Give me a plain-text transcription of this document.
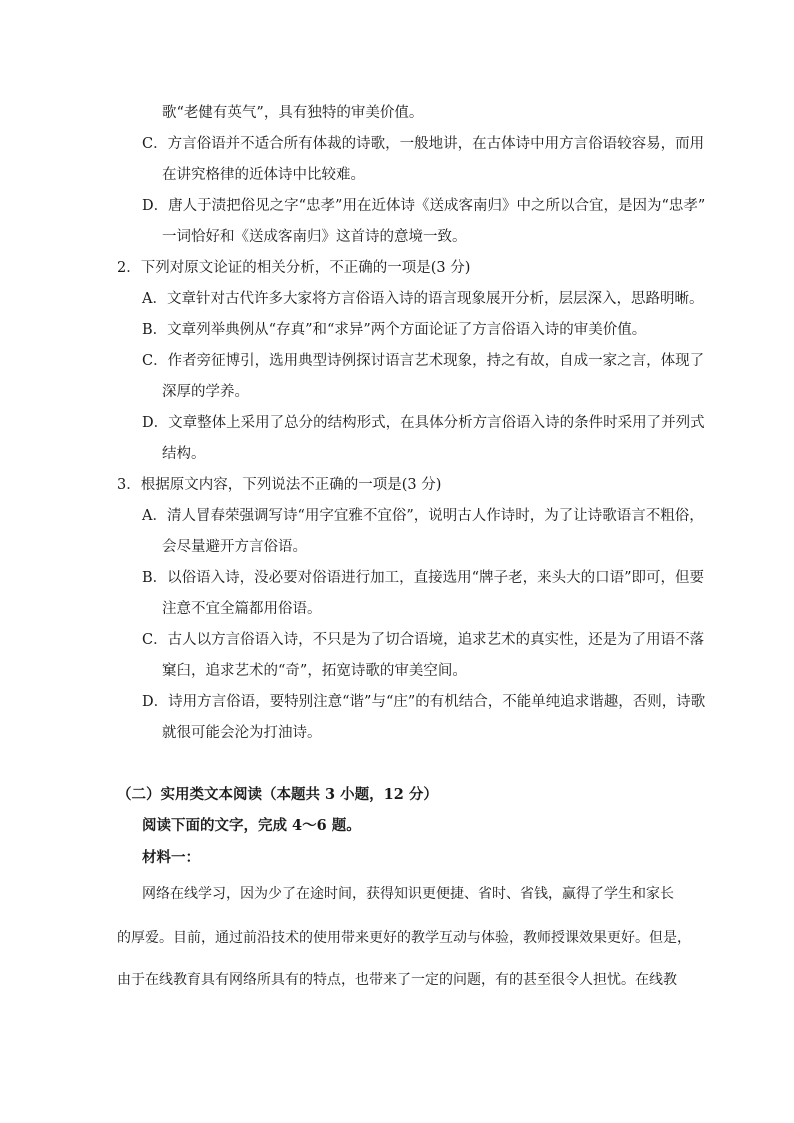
歌“老健有英气”，具有独特的审美价值。
C．方言俗语并不适合所有体裁的诗歌，一般地讲，在古体诗中用方言俗语较容易，而用
在讲究格律的近体诗中比较难。
D．唐人于渍把俗见之字“忠孝”用在近体诗《送成客南归》中之所以合宜，是因为“忠孝”
一词恰好和《送成客南归》这首诗的意境一致。
2．下列对原文论证的相关分析，不正确的一项是(3 分)
A．文章针对古代许多大家将方言俗语入诗的语言现象展开分析，层层深入，思路明晰。
B．文章列举典例从“存真”和“求异”两个方面论证了方言俗语入诗的审美价值。
C．作者旁征博引，选用典型诗例探讨语言艺术现象，持之有故，自成一家之言，体现了
深厚的学养。
D．文章整体上采用了总分的结构形式，在具体分析方言俗语入诗的条件时采用了并列式
结构。
3．根据原文内容，下列说法不正确的一项是(3 分)
A．清人冒春荣强调写诗“用字宜雅不宜俗”，说明古人作诗时，为了让诗歌语言不粗俗，
会尽量避开方言俗语。
B．以俗语入诗，没必要对俗语进行加工，直接选用“牌子老，来头大的口语”即可，但要
注意不宜全篇都用俗语。
C．古人以方言俗语入诗，不只是为了切合语境，追求艺术的真实性，还是为了用语不落
窠臼，追求艺术的“奇”，拓宽诗歌的审美空间。
D．诗用方言俗语，要特别注意“谐”与“庄”的有机结合，不能单纯追求谐趣，否则，诗歌
就很可能会沦为打油诗。
（二）实用类文本阅读（本题共 3 小题，12 分）
阅读下面的文字，完成 4～6 题。
材料一：
网络在线学习，因为少了在途时间，获得知识更便捷、省时、省钱，赢得了学生和家长
的厚爱。目前，通过前沿技术的使用带来更好的教学互动与体验，教师授课效果更好。但是，
由于在线教育具有网络所具有的特点，也带来了一定的问题，有的甚至很令人担忧。在线教
